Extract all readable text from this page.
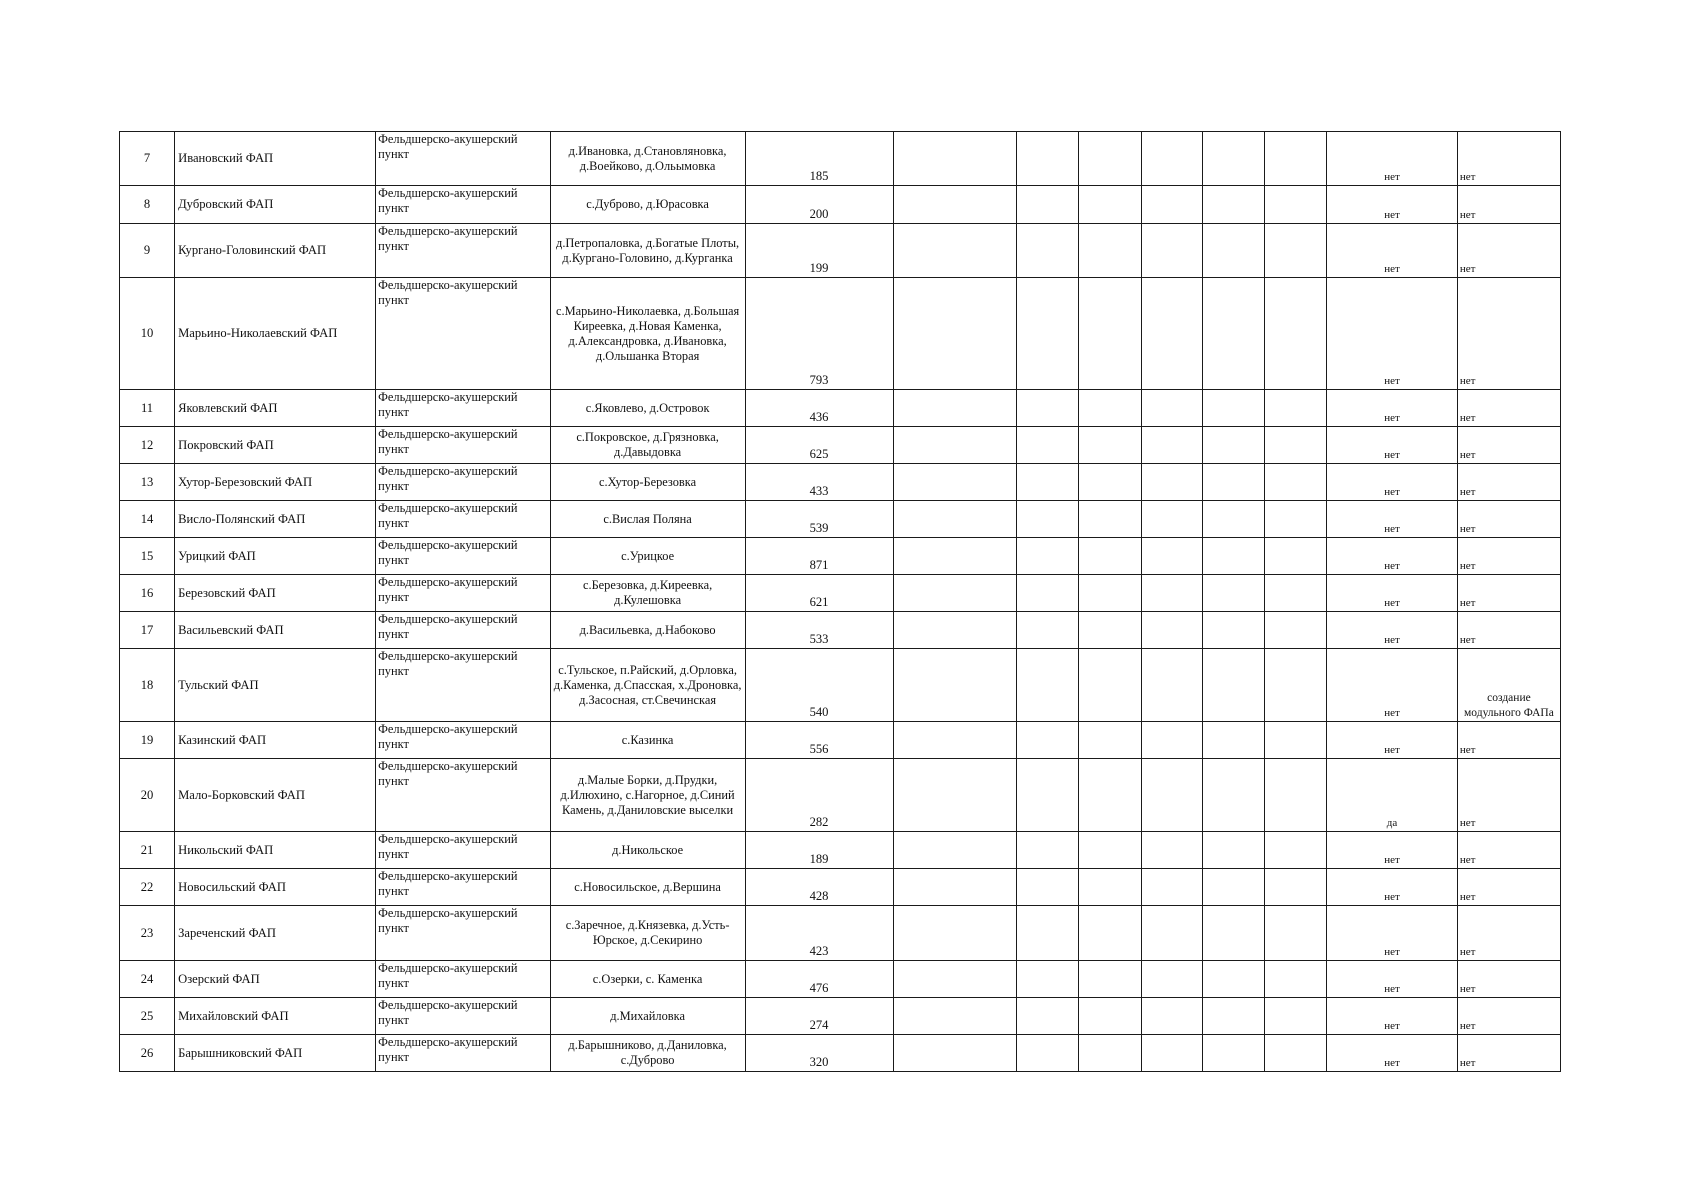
7	Ивановский ФАП	Фельдшерско-акушерский пункт	д.Ивановка, д.Становляновка, д.Воейково, д.Ольымовка	185							нет	нет
8	Дубровский ФАП	Фельдшерско-акушерский пункт	с.Дуброво, д.Юрасовка	200							нет	нет
9	Кургано-Головинский ФАП	Фельдшерско-акушерский пункт	д.Петропаловка, д.Богатые Плоты, д.Кургано-Головино, д.Курганка	199							нет	нет
10	Марьино-Николаевский ФАП	Фельдшерско-акушерский пункт	с.Марьино-Николаевка, д.Большая Киреевка, д.Новая Каменка, д.Александровка, д.Ивановка, д.Ольшанка Вторая	793							нет	нет
11	Яковлевский ФАП	Фельдшерско-акушерский пункт	с.Яковлево, д.Островок	436							нет	нет
12	Покровский ФАП	Фельдшерско-акушерский пункт	с.Покровское, д.Грязновка, д.Давыдовка	625							нет	нет
13	Хутор-Березовский ФАП	Фельдшерско-акушерский пункт	с.Хутор-Березовка	433							нет	нет
14	Висло-Полянский ФАП	Фельдшерско-акушерский пункт	с.Вислая Поляна	539							нет	нет
15	Урицкий ФАП	Фельдшерско-акушерский пункт	с.Урицкое	871							нет	нет
16	Березовский ФАП	Фельдшерско-акушерский пункт	с.Березовка, д.Киреевка, д.Кулешовка	621							нет	нет
17	Васильевский ФАП	Фельдшерско-акушерский пункт	д.Васильевка, д.Набоково	533							нет	нет
18	Тульский ФАП	Фельдшерско-акушерский пункт	с.Тульское, п.Райский, д.Орловка, д.Каменка, д.Спасская, х.Дроновка, д.Засосная, ст.Свечинская	540							нет	создание модульного ФАПа
19	Казинский ФАП	Фельдшерско-акушерский пункт	с.Казинка	556							нет	нет
20	Мало-Борковский ФАП	Фельдшерско-акушерский пункт	д.Малые Борки, д.Прудки, д.Илюхино, с.Нагорное, д.Синий Камень, д.Даниловские выселки	282							да	нет
21	Никольский ФАП	Фельдшерско-акушерский пункт	д.Никольское	189							нет	нет
22	Новосильский ФАП	Фельдшерско-акушерский пункт	с.Новосильское, д.Вершина	428							нет	нет
23	Зареченский ФАП	Фельдшерско-акушерский пункт	с.Заречное, д.Князевка, д.Усть-Юрское, д.Секирино	423							нет	нет
24	Озерский ФАП	Фельдшерско-акушерский пункт	с.Озерки, с. Каменка	476							нет	нет
25	Михайловский ФАП	Фельдшерско-акушерский пункт	д.Михайловка	274							нет	нет
26	Барышниковский ФАП	Фельдшерско-акушерский пункт	д.Барышниково, д.Даниловка, с.Дуброво	320							нет	нет
